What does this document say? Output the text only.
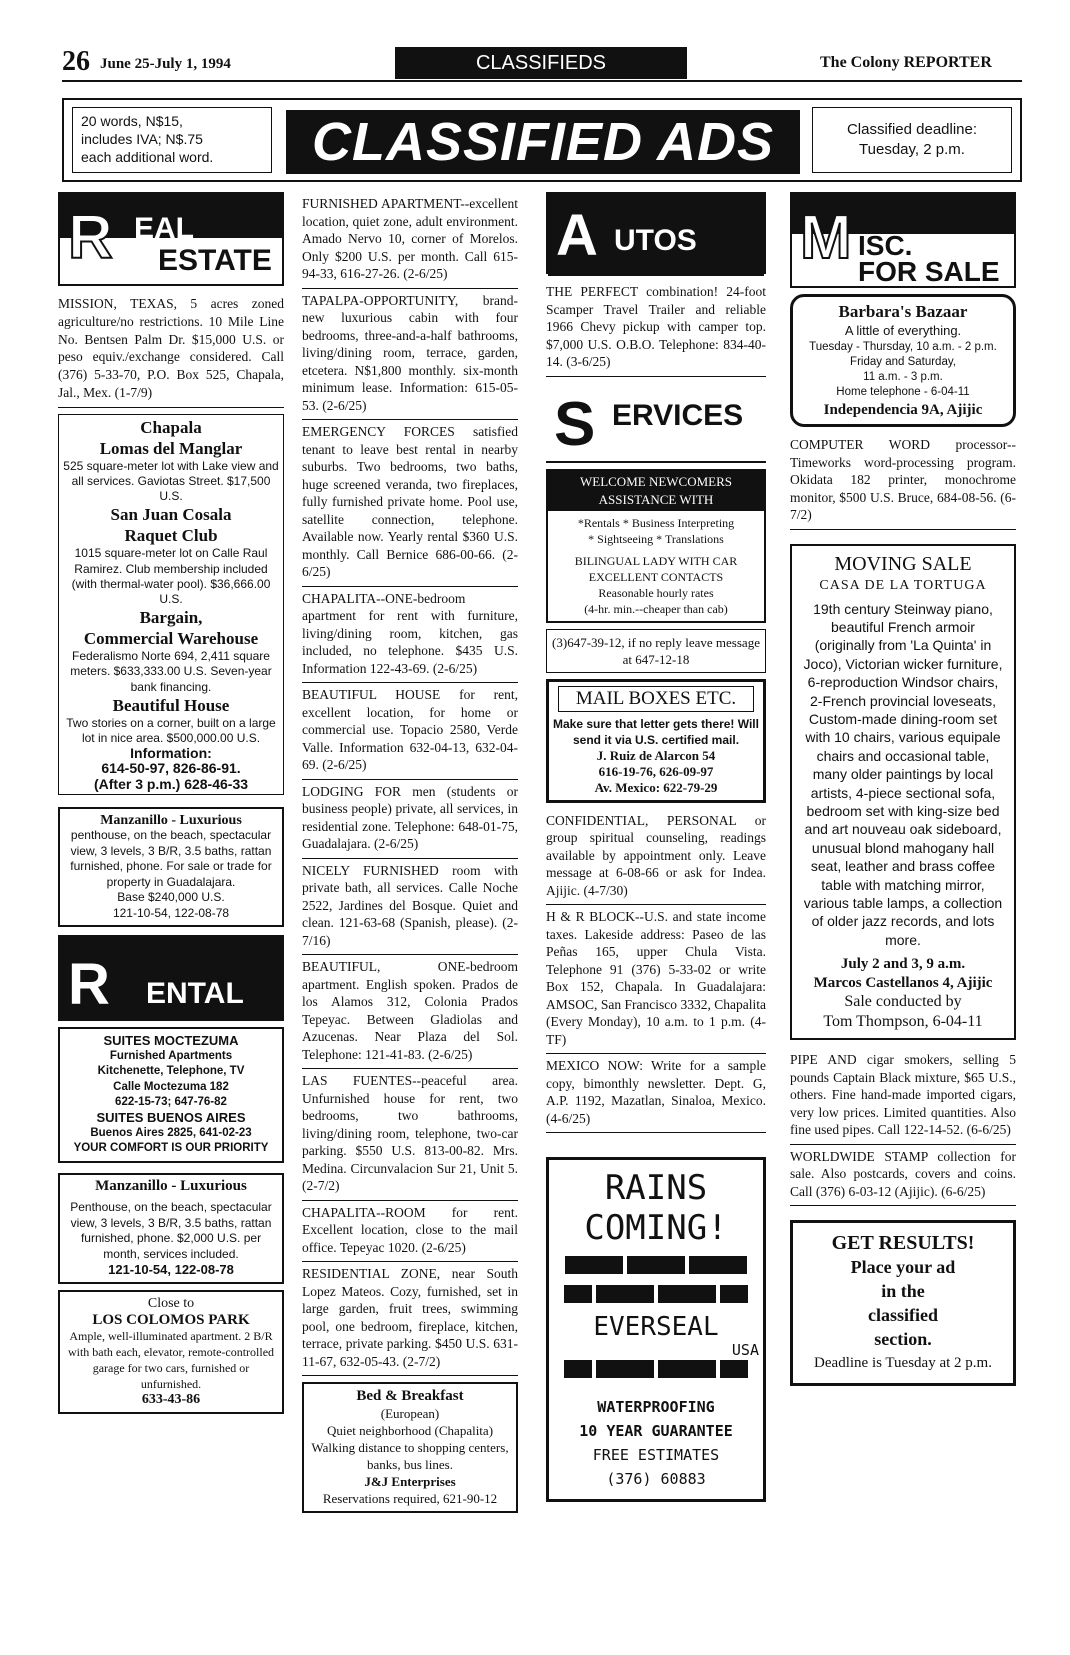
26 June 25-July 1, 1994	CLASSIFIEDS	The Colony REPORTER
20 words, N$15,
includes IVA; N$.75
each additional word.	CLASSIFIED ADS	Classified deadline:
Tuesday, 2 p.m.
R EAL
ESTATE
MISSION, TEXAS, 5 acres zoned agriculture/no restrictions. 10 Mile Line No. Bentsen Palm Dr. $15,000 U.S. or peso equiv./exchange considered. Call (376) 5-33-70, P.O. Box 525, Chapala, Jal., Mex. (1-7/9)
Chapala
Lomas del Manglar
525 square-meter lot with Lake view and all services. Gaviotas Street. $17,500 U.S.
San Juan Cosala
Raquet Club
1015 square-meter lot on Calle Raul Ramirez. Club membership included (with thermal-water pool). $36,666.00 U.S.
Bargain,
Commercial Warehouse
Federalismo Norte 694, 2,411 square meters. $633,333.00 U.S. Seven-year bank financing.
Beautiful House
Two stories on a corner, built on a large lot in nice area. $500,000.00 U.S.
Information:
614-50-97, 826-86-91.
(After 3 p.m.) 628-46-33
Manzanillo - Luxurious
penthouse, on the beach, spectacular view, 3 levels, 3 B/R, 3.5 baths, rattan furnished, phone. For sale or trade for property in Guadalajara.
Base $240,000 U.S.
121-10-54, 122-08-78
R ENTAL
SUITES MOCTEZUMA
Furnished Apartments
Kitchenette, Telephone, TV
Calle Moctezuma 182
622-15-73; 647-76-82
SUITES BUENOS AIRES
Buenos Aires 2825, 641-02-23
YOUR COMFORT IS OUR PRIORITY
Manzanillo - Luxurious
Penthouse, on the beach, spectacular view, 3 levels, 3 B/R, 3.5 baths, rattan furnished, phone. $2,000 U.S. per month, services included.
121-10-54, 122-08-78
Close to
LOS COLOMOS PARK
Ample, well-illuminated apartment. 2 B/R with bath each, elevator, remote-controlled garage for two cars, furnished or unfurnished.
633-43-86
FURNISHED APARTMENT--excellent location, quiet zone, adult environment. Amado Nervo 10, corner of Morelos. Only $200 U.S. per month. Call 615-94-33, 616-27-26. (2-6/25)
TAPALPA-OPPORTUNITY, brand-new luxurious cabin with four bedrooms, three-and-a-half bathrooms, living/dining room, terrace, garden, etcetera. N$1,800 monthly. six-month minimum lease. Information: 615-05-53. (2-6/25)
EMERGENCY FORCES satisfied tenant to leave best rental in nearby suburbs. Two bedrooms, two baths, huge screened veranda, two fireplaces, fully furnished private home. Pool use, satellite connection, telephone. Available now. Yearly rental $360 U.S. monthly. Call Bernice 686-00-66. (2-6/25)
CHAPALITA--ONE-bedroom apartment for rent with furniture, living/dining room, kitchen, gas included, no telephone. $435 U.S. Information 122-43-69. (2-6/25)
BEAUTIFUL HOUSE for rent, excellent location, for home or commercial use. Topacio 2580, Verde Valle. Information 632-04-13, 632-04-69. (2-6/25)
LODGING FOR men (students or business people) private, all services, in residential zone. Telephone: 648-01-75, Guadalajara. (2-6/25)
NICELY FURNISHED room with private bath, all services. Calle Noche 2522, Jardines del Bosque. Quiet and clean. 121-63-68 (Spanish, please). (2-7/16)
BEAUTIFUL, ONE-bedroom apartment. English spoken. Prados de los Alamos 312, Colonia Prados Tepeyac. Between Gladiolas and Azucenas. Near Plaza del Sol. Telephone: 121-41-83. (2-6/25)
LAS FUENTES--peaceful area. Unfurnished house for rent, two bedrooms, two bathrooms, living/dining room, telephone, two-car parking. $550 U.S. 813-00-82. Mrs. Medina. Circunvalacion Sur 21, Unit 5. (2-7/2)
CHAPALITA--ROOM for rent. Excellent location, close to the mail office. Tepeyac 1020. (2-6/25)
RESIDENTIAL ZONE, near South Lopez Mateos. Cozy, furnished, set in large garden, fruit trees, swimming pool, one bedroom, fireplace, kitchen, terrace, private parking. $450 U.S. 631-11-67, 632-05-43. (2-7/2)
Bed & Breakfast
(European)
Quiet neighborhood (Chapalita)
Walking distance to shopping centers, banks, bus lines.
J&J Enterprises
Reservations required, 621-90-12
A UTOS
THE PERFECT combination! 24-foot Scamper Travel Trailer and reliable 1966 Chevy pickup with camper top. $7,000 U.S. O.B.O. Telephone: 834-40-14. (3-6/25)
S ERVICES
WELCOME NEWCOMERS
ASSISTANCE WITH
*Rentals * Business Interpreting
* Sightseeing * Translations
BILINGUAL LADY WITH CAR
EXCELLENT CONTACTS
Reasonable hourly rates
(4-hr. min.--cheaper than cab)
(3)647-39-12, if no reply leave message at 647-12-18
MAIL BOXES ETC.
Make sure that letter gets there! Will send it via U.S. certified mail.
J. Ruiz de Alarcon 54
616-19-76, 626-09-97
Av. Mexico: 622-79-29
CONFIDENTIAL, PERSONAL or group spiritual counseling, readings available by appointment only. Leave message at 6-08-66 or ask for Indea. Ajijic. (4-7/30)
H & R BLOCK--U.S. and state income taxes. Lakeside address: Paseo de las Peñas 165, upper Chula Vista. Telephone 91 (376) 5-33-02 or write Box 152, Chapala. In Guadalajara: AMSOC, San Francisco 3332, Chapalita (Every Monday), 10 a.m. to 1 p.m. (4-TF)
MEXICO NOW: Write for a sample copy, bimonthly newsletter. Dept. G, A.P. 1192, Mazatlan, Sinaloa, Mexico. (4-6/25)
RAINS
COMING!
EVERSEAL
USA
WATERPROOFING
10 YEAR GUARANTEE
FREE ESTIMATES
(376) 60883
M ISC.
FOR SALE
Barbara's Bazaar
A little of everything.
Tuesday - Thursday, 10 a.m. - 2 p.m.
Friday and Saturday,
11 a.m. - 3 p.m.
Home telephone - 6-04-11
Independencia 9A, Ajijic
COMPUTER WORD processor--Timeworks word-processing program. Okidata 182 printer, monochrome monitor, $500 U.S. Bruce, 684-08-56. (6-7/2)
MOVING SALE
CASA DE LA TORTUGA
19th century Steinway piano, beautiful French armoir (originally from 'La Quinta' in Joco), Victorian wicker furniture, 6-reproduction Windsor chairs, 2-French provincial loveseats, Custom-made dining-room set with 10 chairs, various equipale chairs and occasional table, many older paintings by local artists, 4-piece sectional sofa, bedroom set with king-size bed and art nouveau oak sideboard, unusual blond mahogany hall seat, leather and brass coffee table with matching mirror, various table lamps, a collection of older jazz records, and lots more.
July 2 and 3, 9 a.m.
Marcos Castellanos 4, Ajijic
Sale conducted by
Tom Thompson, 6-04-11
PIPE AND cigar smokers, selling 5 pounds Captain Black mixture, $65 U.S., others. Fine hand-made imported cigars, very low prices. Limited quantities. Also fine used pipes. Call 122-14-52. (6-6/25)
WORLDWIDE STAMP collection for sale. Also postcards, covers and coins. Call (376) 6-03-12 (Ajijic). (6-6/25)
GET RESULTS!
Place your ad
in the
classified
section.
Deadline is Tuesday at 2 p.m.
